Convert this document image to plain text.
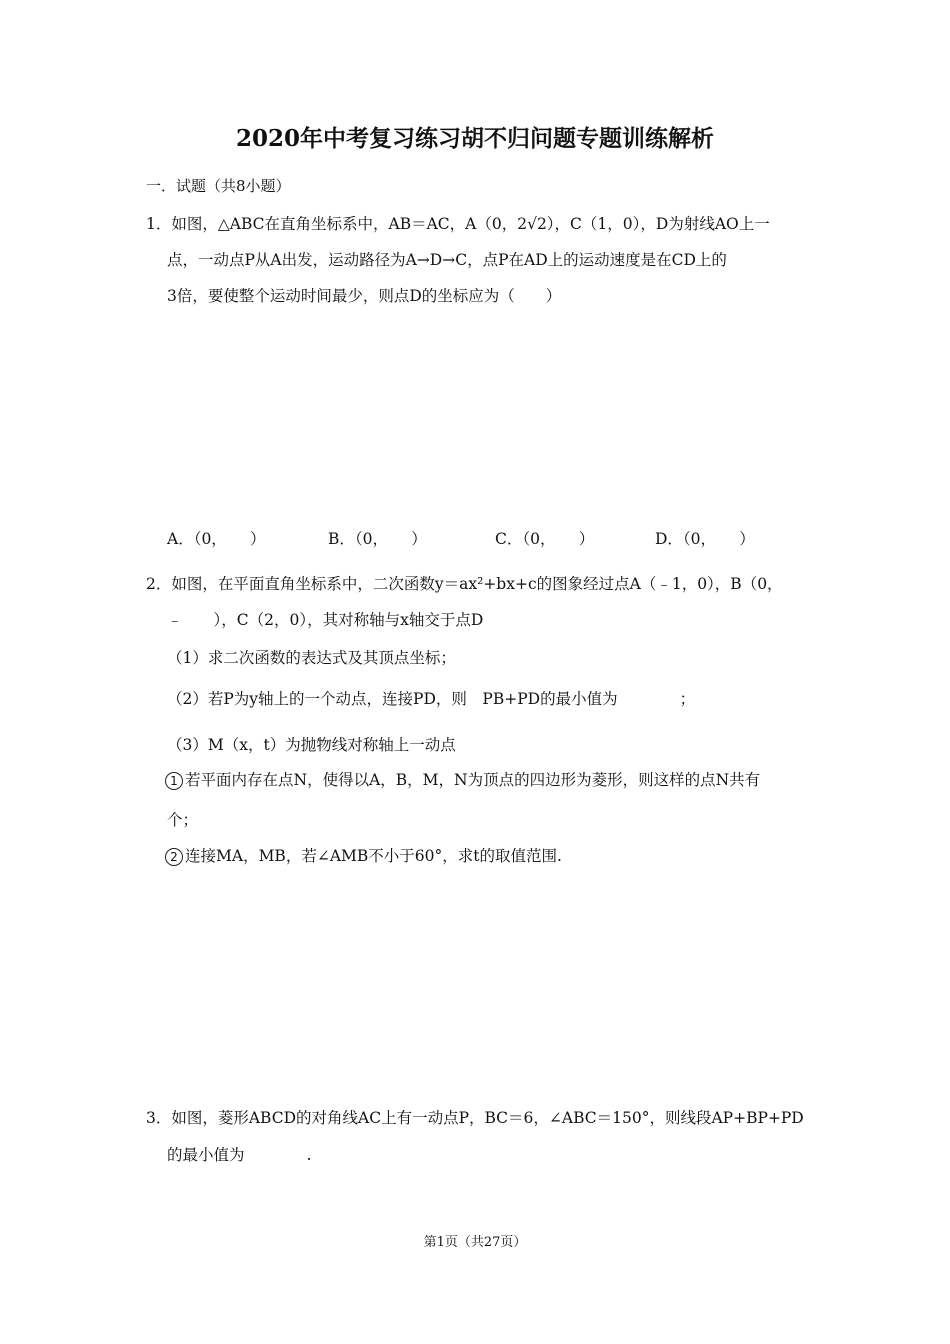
2020年中考复习练习胡不归问题专题训练解析
一．试题（共8小题）
1．如图，△ABC在直角坐标系中，AB＝AC，A（0，2√2），C（1，0），D为射线AO上一
点，一动点P从A出发，运动路径为A→D→C，点P在AD上的运动速度是在CD上的
3倍，要使整个运动时间最少，则点D的坐标应为（　　）
A．（0，　　）	B．（0，　　）	C．（0，　　）	D．（0，　　）
2．如图，在平面直角坐标系中，二次函数y＝ax²+bx+c的图象经过点A（﹣1，0），B（0，
﹣　　），C（2，0），其对称轴与x轴交于点D
（1）求二次函数的表达式及其顶点坐标；
（2）若P为y轴上的一个动点，连接PD，则　PB+PD的最小值为　　　　；
（3）M（x，t）为抛物线对称轴上一动点
1 若平面内存在点N，使得以A，B，M，N为顶点的四边形为菱形，则这样的点N共有
个；
2 连接MA，MB，若∠AMB不小于60°，求t的取值范围.
3．如图，菱形ABCD的对角线AC上有一动点P，BC＝6，∠ABC＝150°，则线段AP+BP+PD
的最小值为　　　　.
第1页（共27页）
